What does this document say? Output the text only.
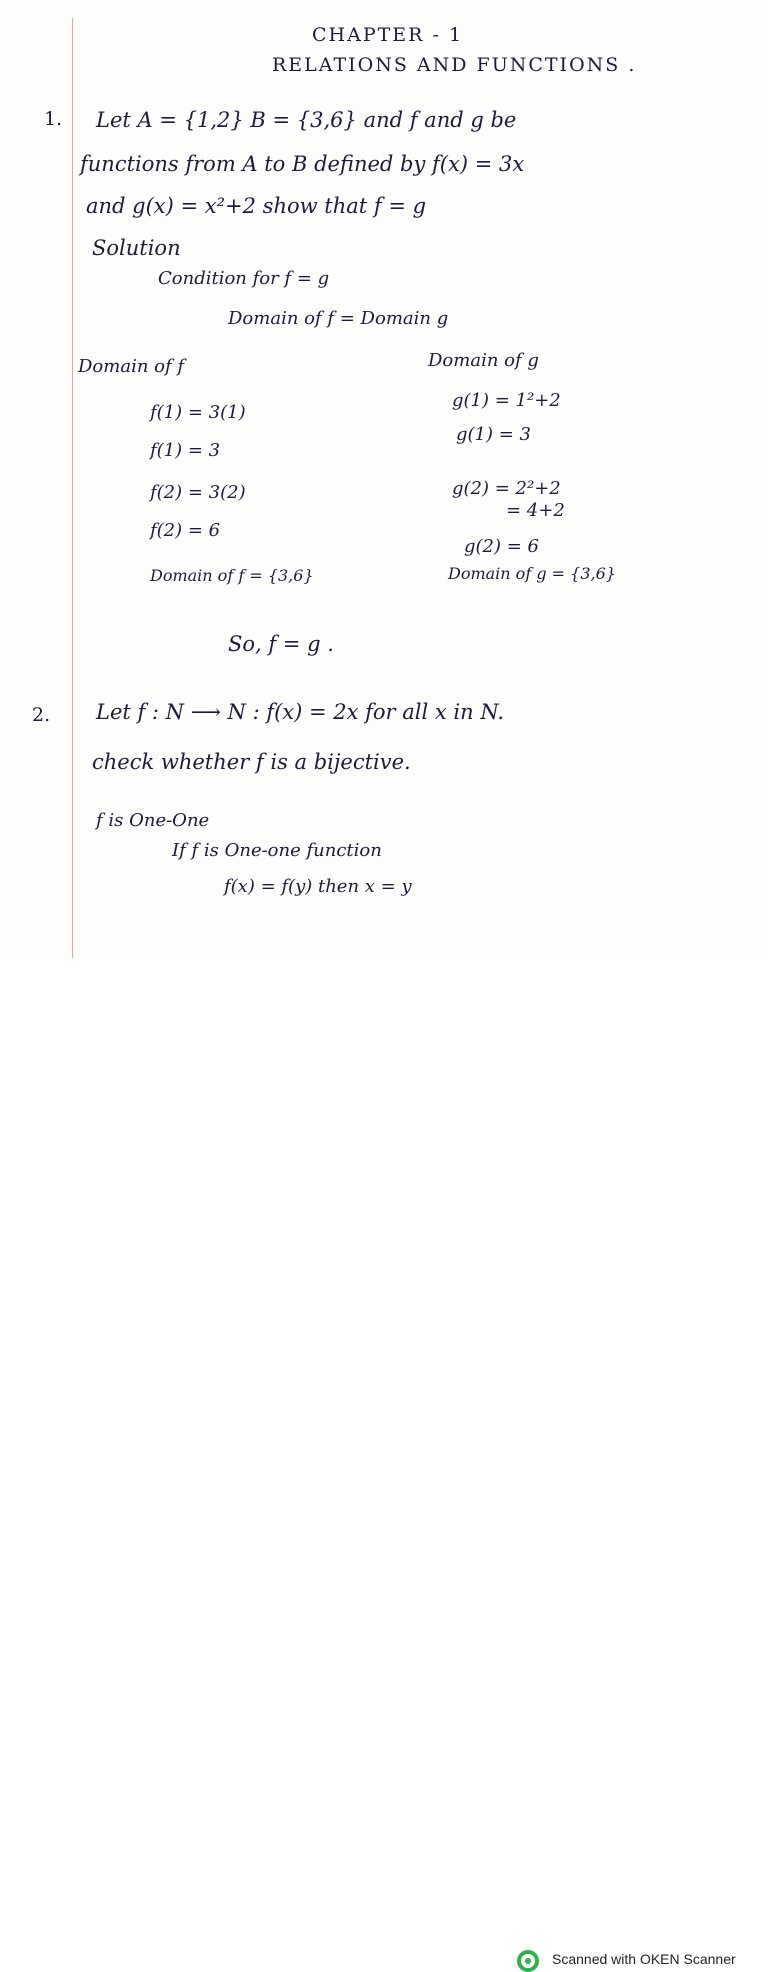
CHAPTER - 1
RELATIONS AND FUNCTIONS .
1. Let A = {1,2} B = {3,6} and f and g be
functions from A to B defined by f(x) = 3x
and g(x) = x²+2 show that f = g
Solution
Condition for f = g
Domain of f = Domain g
Domain of f	Domain of g
f(1) = 3(1)
f(1) = 3
f(2) = 3(2)
f(2) = 6
Domain of f = {3,6}
g(1) = 1²+2
g(1) = 3
g(2) = 2²+2
= 4+2
g(2) = 6
Domain of g = {3,6}
So, f = g .
2. Let f : N ⟶ N : f(x) = 2x for all x in N.
check whether f is a bijective.
f is One-One
If f is One-one function
f(x) = f(y) then x = y
Scanned with OKEN Scanner
